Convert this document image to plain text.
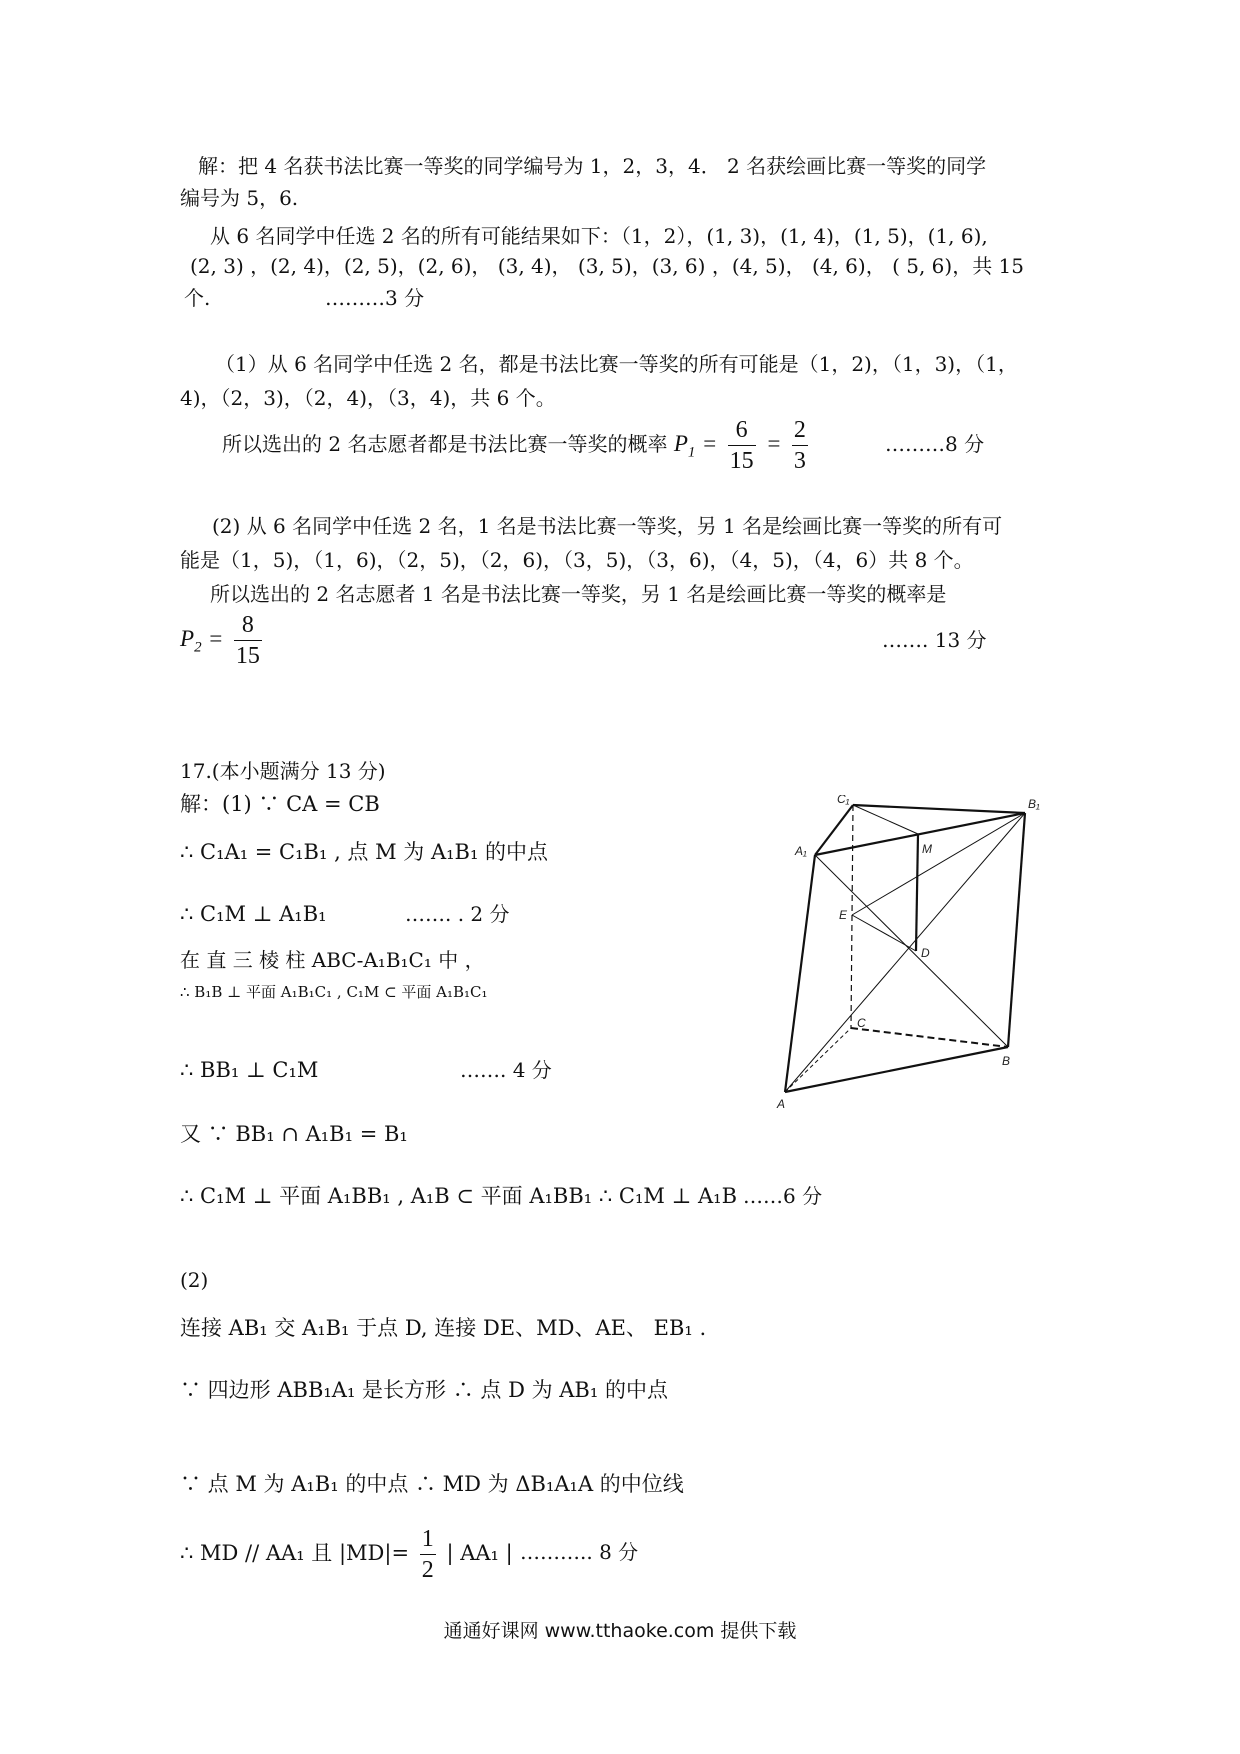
解：把 4 名获书法比赛一等奖的同学编号为 1，2，3，4． 2 名获绘画比赛一等奖的同学
编号为 5，6.
从 6 名同学中任选 2 名的所有可能结果如下：（1，2），(1, 3)，(1, 4)，(1, 5)，(1, 6),
(2, 3) ，(2, 4)，(2, 5)，(2, 6)， (3, 4)， (3, 5)，(3, 6) ，(4, 5)， (4, 6)， ( 5, 6)，共 15
个.	………3 分
（1）从 6 名同学中任选 2 名，都是书法比赛一等奖的所有可能是（1，2)，（1，3)，（1，
4)，（2，3)，（2，4)，（3，4)，共 6 个。
所以选出的 2 名志愿者都是书法比赛一等奖的概率 $P_1 = \frac{6}{15} = \frac{2}{3}$	………8 分
(2) 从 6 名同学中任选 2 名，1 名是书法比赛一等奖，另 1 名是绘画比赛一等奖的所有可
能是（1，5)，（1，6)，（2，5)，（2，6)，（3，5)，（3，6)，（4，5)，（4，6）共 8 个。
所以选出的 2 名志愿者 1 名是书法比赛一等奖，另 1 名是绘画比赛一等奖的概率是
$P_2 = \frac{8}{15}$	……. 13 分
17.(本小题满分 13 分)
解：(1) ∵ CA = CB
∴ C₁A₁ = C₁B₁ , 点 M 为 A₁B₁ 的中点
∴ C₁M ⊥ A₁B₁	……. . 2 分
在 直 三 棱 柱 ABC-A₁B₁C₁ 中 ，
∴ B₁B ⊥ 平面 A₁B₁C₁ , C₁M ⊂ 平面 A₁B₁C₁
∴ BB₁ ⊥ C₁M	……. 4 分
又 ∵ BB₁ ∩ A₁B₁ = B₁
∴ C₁M ⊥ 平面 A₁BB₁ , A₁B ⊂ 平面 A₁BB₁ ∴ C₁M ⊥ A₁B ……6 分
(2)
连接 AB₁ 交 A₁B₁ 于点 D, 连接 DE、MD、AE、 EB₁ .
∵ 四边形 ABB₁A₁ 是长方形 ∴ 点 D 为 AB₁ 的中点
∵ 点 M 为 A₁B₁ 的中点 ∴ MD 为 ΔB₁A₁A 的中位线
∴ MD // AA₁ 且 $|MD|= \frac{1}{2}$ | AA₁ | ……….. 8 分
C₁	B₁
A₁	M
E
D
C
B
A
通通好课网 www.tthaoke.com 提供下载
